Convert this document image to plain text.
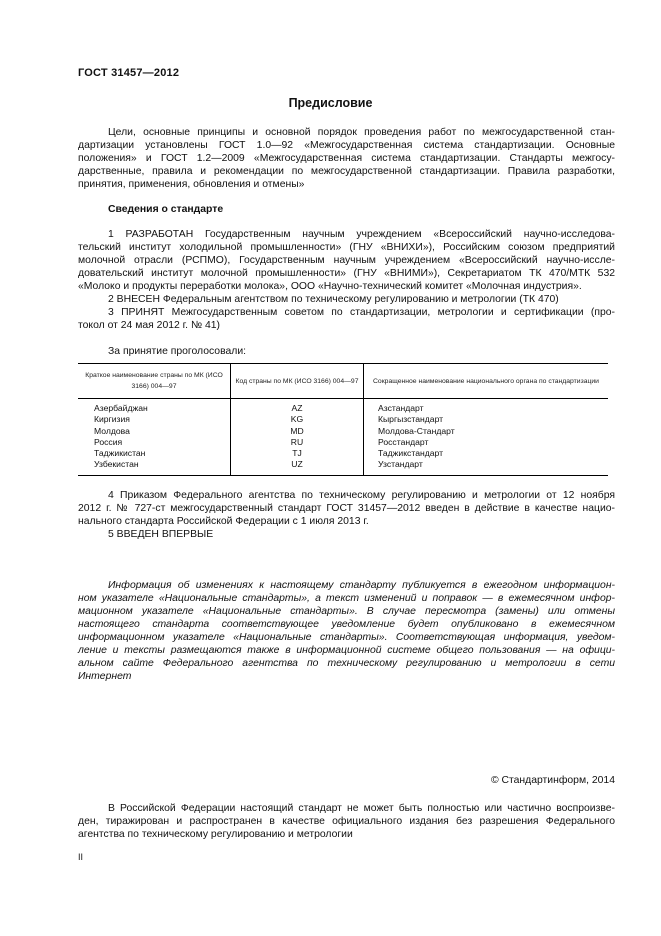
ГОСТ 31457—2012
Предисловие
Цели, основные принципы и основной порядок проведения работ по межгосударственной стан-
дартизации установлены ГОСТ 1.0—92 «Межгосударственная система стандартизации. Основные
положения» и ГОСТ 1.2—2009 «Межгосударственная система стандартизации. Стандарты межгосу-
дарственные, правила и рекомендации по межгосударственной стандартизации. Правила разработки,
принятия, применения, обновления и отмены»
Сведения о стандарте
1 РАЗРАБОТАН Государственным научным учреждением «Всероссийский научно-исследова-
тельский институт холодильной промышленности» (ГНУ «ВНИХИ»), Российским союзом предприятий
молочной отрасли (РСПМО), Государственным научным учреждением «Всероссийский научно-иссле-
довательский институт молочной промышленности» (ГНУ «ВНИМИ»), Секретариатом ТК 470/МТК 532
«Молоко и продукты переработки молока», ООО «Научно-технический комитет «Молочная индустрия».
2 ВНЕСЕН Федеральным агентством по техническому регулированию и метрологии (ТК 470)
3 ПРИНЯТ Межгосударственным советом по стандартизации, метрологии и сертификации (про-
токол от 24 мая 2012 г. № 41)
За принятие проголосовали:
Краткое наименование страны по МК (ИСО 3166) 004—97	Код страны по МК (ИСО 3166) 004—97	Сокращенное наименование национального органа по стандартизации
Азербайджан	AZ	Азстандарт
Киргизия	KG	Кыргызстандарт
Молдова	MD	Молдова-Стандарт
Россия	RU	Росстандарт
Таджикистан	TJ	Таджикстандарт
Узбекистан	UZ	Узстандарт
4 Приказом Федерального агентства по техническому регулированию и метрологии от 12 ноября
2012 г. № 727-ст межгосударственный стандарт ГОСТ 31457—2012 введен в действие в качестве нацио-
нального стандарта Российской Федерации с 1 июля 2013 г.
5 ВВЕДЕН ВПЕРВЫЕ
Информация об изменениях к настоящему стандарту публикуется в ежегодном информацион-
ном указателе «Национальные стандарты», а текст изменений и поправок — в ежемесячном инфор-
мационном указателе «Национальные стандарты». В случае пересмотра (замены) или отмены
настоящего стандарта соответствующее уведомление будет опубликовано в ежемесячном
информационном указателе «Национальные стандарты». Соответствующая информация, уведом-
ление и тексты размещаются также в информационной системе общего пользования — на офици-
альном сайте Федерального агентства по техническому регулированию и метрологии в сети
Интернет
© Стандартинформ, 2014
В Российской Федерации настоящий стандарт не может быть полностью или частично воспроизве-
ден, тиражирован и распространен в качестве официального издания без разрешения Федерального
агентства по техническому регулированию и метрологии
II
